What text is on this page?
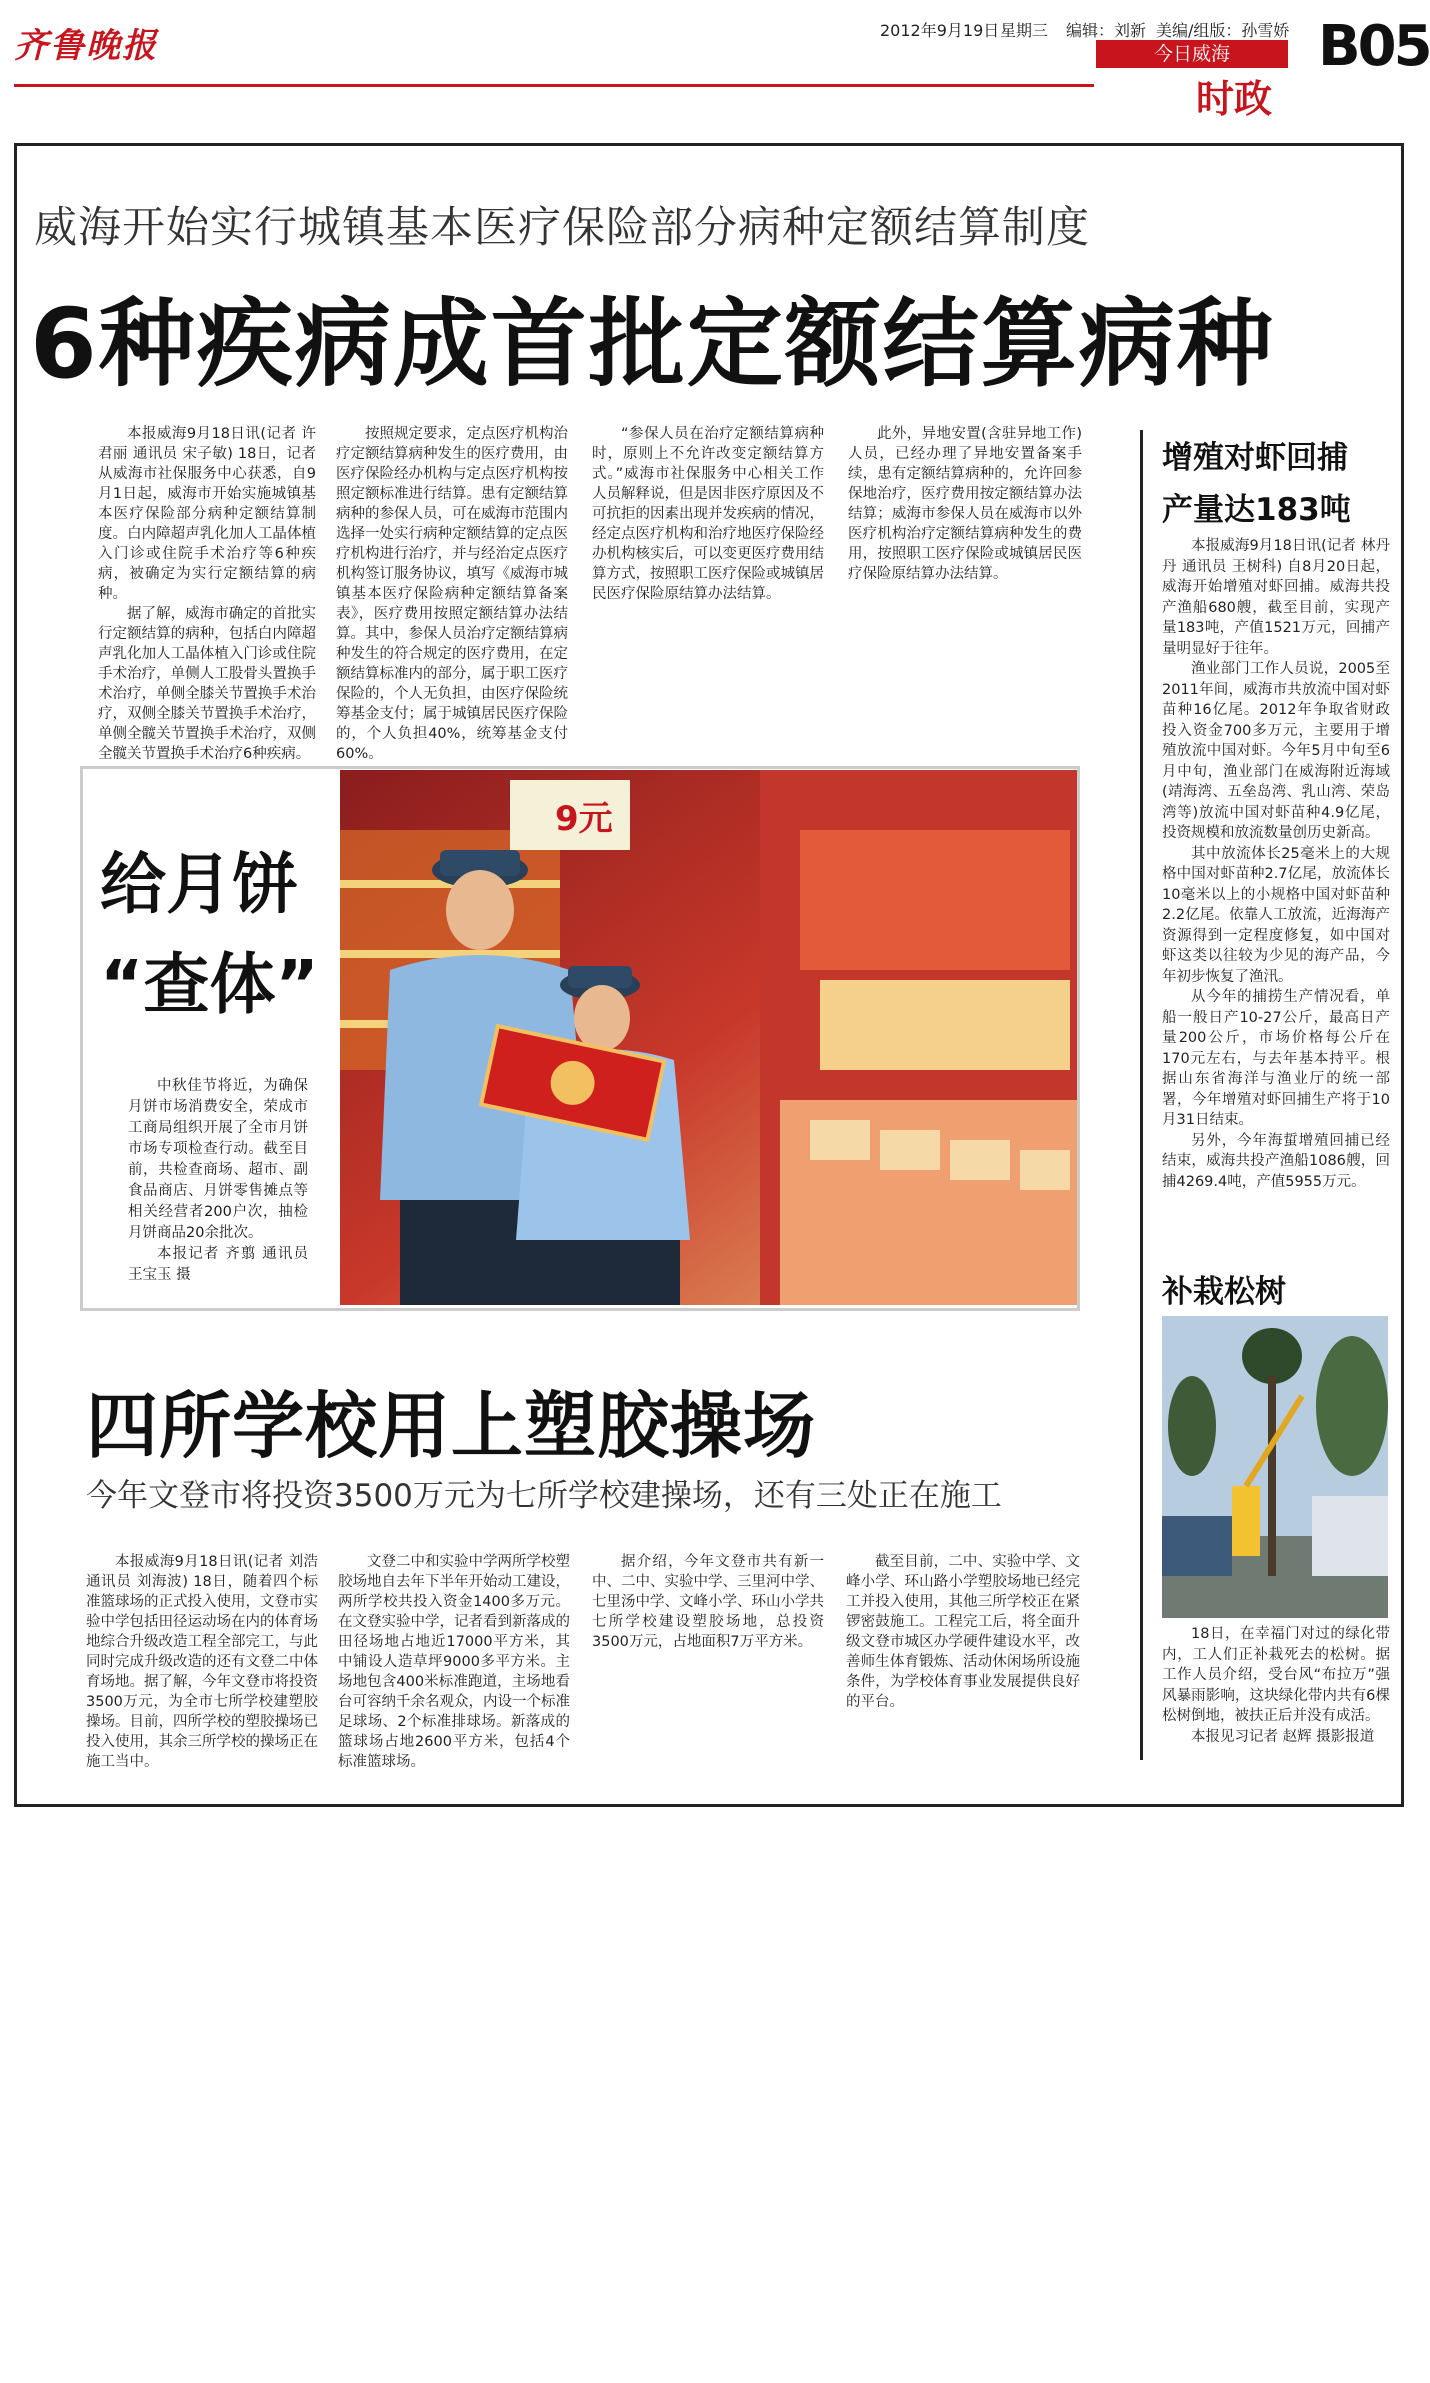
齐鲁晚报	2012年9月19日 星期三 编辑：刘新 美编/组版：孙雪娇
今日威海
时政
B05
威海开始实行城镇基本医疗保险部分病种定额结算制度
6种疾病成首批定额结算病种

本报威海9月18日讯(记者 许君丽 通讯员 宋子敏) 18日，记者从威海市社保服务中心获悉，自9月1日起，威海市开始实施城镇基本医疗保险部分病种定额结算制度。白内障超声乳化加人工晶体植入门诊或住院手术治疗等6种疾病，被确定为实行定额结算的病种。

据了解，威海市确定的首批实行定额结算的病种，包括白内障超声乳化加人工晶体植入门诊或住院手术治疗，单侧人工股骨头置换手术治疗，单侧全膝关节置换手术治疗，双侧全膝关节置换手术治疗，单侧全髋关节置换手术治疗，双侧全髋关节置换手术治疗6种疾病。

按照规定要求，定点医疗机构治疗定额结算病种发生的医疗费用，由医疗保险经办机构与定点医疗机构按照定额标准进行结算。患有定额结算病种的参保人员，可在威海市范围内选择一处实行病种定额结算的定点医疗机构进行治疗，并与经治定点医疗机构签订服务协议，填写《威海市城镇基本医疗保险病种定额结算备案表》，医疗费用按照定额结算办法结算。其中，参保人员治疗定额结算病种发生的符合规定的医疗费用，在定额结算标准内的部分，属于职工医疗保险的，个人无负担，由医疗保险统筹基金支付；属于城镇居民医疗保险的，个人负担40%，统筹基金支付60%。

“参保人员在治疗定额结算病种时，原则上不允许改变定额结算方式。”威海市社保服务中心相关工作人员解释说，但是因非医疗原因及不可抗拒的因素出现并发疾病的情况，经定点医疗机构和治疗地医疗保险经办机构核实后，可以变更医疗费用结算方式，按照职工医疗保险或城镇居民医疗保险原结算办法结算。

此外，异地安置(含驻异地工作)人员，已经办理了异地安置备案手续，患有定额结算病种的，允许回参保地治疗，医疗费用按定额结算办法结算；威海市参保人员在威海市以外医疗机构治疗定额结算病种发生的费用，按照职工医疗保险或城镇居民医疗保险原结算办法结算。

给月饼
“查体”

中秋佳节将近，为确保月饼市场消费安全，荣成市工商局组织开展了全市月饼市场专项检查行动。截至目前，共检查商场、超市、副食品商店、月饼零售摊点等相关经营者200户次，抽检月饼商品20余批次。

本报记者 齐翦 通讯员 王宝玉 摄

9元
增殖对虾回捕
产量达183吨

本报威海9月18日讯(记者 林丹丹 通讯员 王树科) 自8月20日起，威海开始增殖对虾回捕。威海共投产渔船680艘，截至目前，实现产量183吨，产值1521万元，回捕产量明显好于往年。

渔业部门工作人员说，2005至2011年间，威海市共放流中国对虾苗种16亿尾。2012年争取省财政投入资金700多万元，主要用于增殖放流中国对虾。今年5月中旬至6月中旬，渔业部门在威海附近海域(靖海湾、五垒岛湾、乳山湾、荣岛湾等)放流中国对虾苗种4.9亿尾，投资规模和放流数量创历史新高。

其中放流体长25毫米上的大规格中国对虾苗种2.7亿尾，放流体长10毫米以上的小规格中国对虾苗种2.2亿尾。依靠人工放流，近海海产资源得到一定程度修复，如中国对虾这类以往较为少见的海产品，今年初步恢复了渔汛。

从今年的捕捞生产情况看，单船一般日产10-27公斤，最高日产量200公斤，市场价格每公斤在170元左右，与去年基本持平。根据山东省海洋与渔业厅的统一部署，今年增殖对虾回捕生产将于10月31日结束。

另外，今年海蜇增殖回捕已经结束，威海共投产渔船1086艘，回捕4269.4吨，产值5955万元。

补栽松树

18日，在幸福门对过的绿化带内，工人们正补栽死去的松树。据工作人员介绍，受台风“布拉万”强风暴雨影响，这块绿化带内共有6棵松树倒地，被扶正后并没有成活。

本报见习记者 赵辉 摄影报道

四所学校用上塑胶操场
今年文登市将投资3500万元为七所学校建操场，还有三处正在施工

本报威海9月18日讯(记者 刘浩 通讯员 刘海波) 18日，随着四个标准篮球场的正式投入使用，文登市实验中学包括田径运动场在内的体育场地综合升级改造工程全部完工，与此同时完成升级改造的还有文登二中体育场地。据了解，今年文登市将投资3500万元，为全市七所学校建塑胶操场。目前，四所学校的塑胶操场已投入使用，其余三所学校的操场正在施工当中。

文登二中和实验中学两所学校塑胶场地自去年下半年开始动工建设，两所学校共投入资金1400多万元。在文登实验中学，记者看到新落成的田径场地占地近17000平方米，其中铺设人造草坪9000多平方米。主场地包含400米标准跑道，主场地看台可容纳千余名观众，内设一个标准足球场、2个标准排球场。新落成的篮球场占地2600平方米，包括4个标准篮球场。

据介绍，今年文登市共有新一中、二中、实验中学、三里河中学、七里汤中学、文峰小学、环山小学共七所学校建设塑胶场地，总投资3500万元，占地面积7万平方米。

截至目前，二中、实验中学、文峰小学、环山路小学塑胶场地已经完工并投入使用，其他三所学校正在紧锣密鼓施工。工程完工后，将全面升级文登市城区办学硬件建设水平，改善师生体育锻炼、活动休闲场所设施条件，为学校体育事业发展提供良好的平台。
